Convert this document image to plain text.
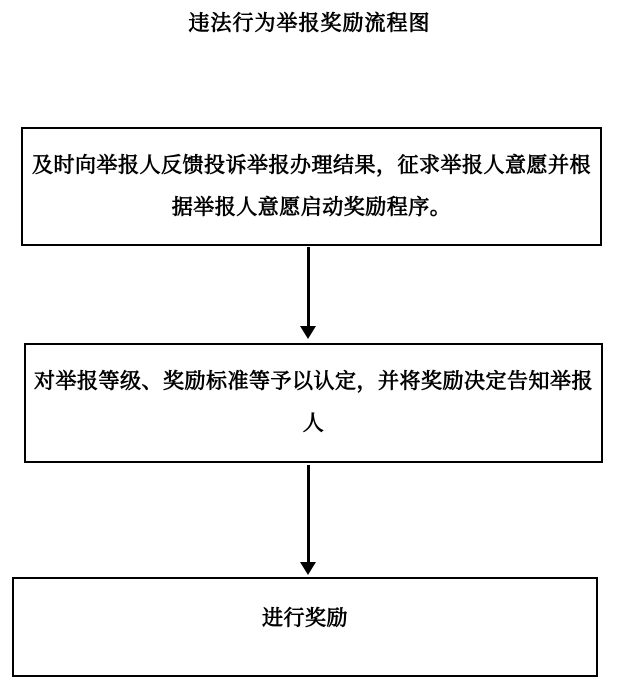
违法行为举报奖励流程图
及时向举报人反馈投诉举报办理结果，征求举报人意愿并根
据举报人意愿启动奖励程序。
对举报等级、奖励标准等予以认定，并将奖励决定告知举报
人
进行奖励
